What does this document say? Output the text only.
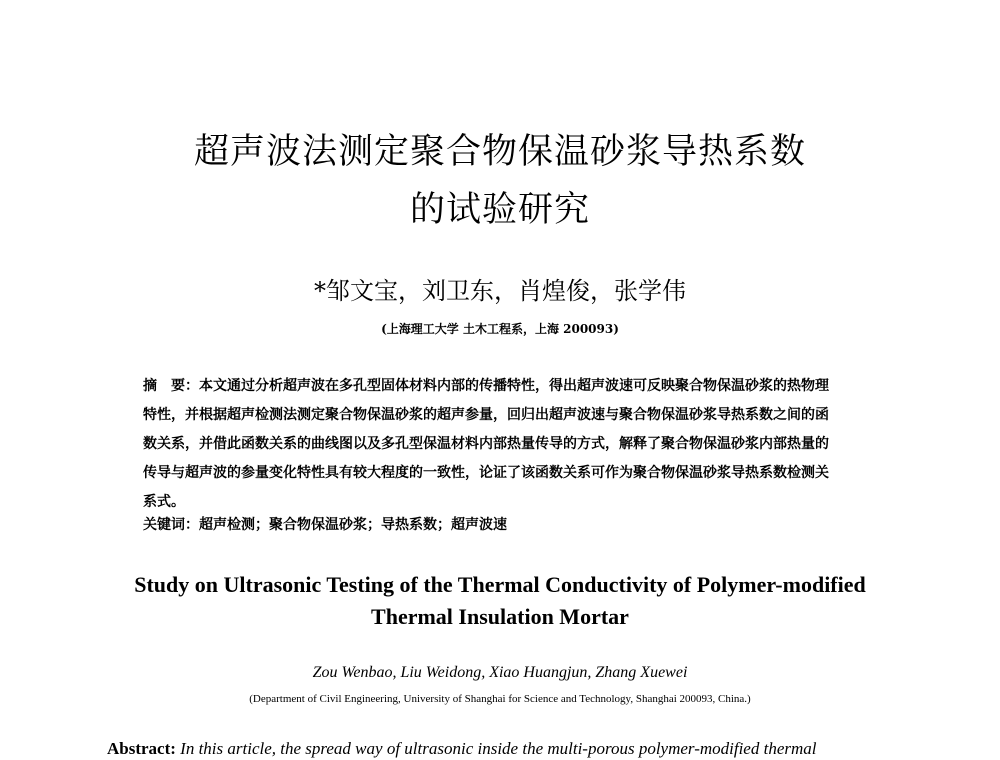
超声波法测定聚合物保温砂浆导热系数
的试验研究
*邹文宝，刘卫东，肖煌俊，张学伟
(上海理工大学 土木工程系，上海 200093)
摘　要：本文通过分析超声波在多孔型固体材料内部的传播特性，得出超声波速可反映聚合物保温砂浆的热物理
特性，并根据超声检测法测定聚合物保温砂浆的超声参量，回归出超声波速与聚合物保温砂浆导热系数之间的函
数关系，并借此函数关系的曲线图以及多孔型保温材料内部热量传导的方式，解释了聚合物保温砂浆内部热量的
传导与超声波的参量变化特性具有较大程度的一致性，论证了该函数关系可作为聚合物保温砂浆导热系数检测关
系式。
关键词：超声检测；聚合物保温砂浆；导热系数；超声波速
Study on Ultrasonic Testing of the Thermal Conductivity of Polymer-modified
Thermal Insulation Mortar
Zou Wenbao, Liu Weidong, Xiao Huangjun, Zhang Xuewei
(Department of Civil Engineering, University of Shanghai for Science and Technology, Shanghai 200093, China.)
Abstract: In this article, the spread way of ultrasonic inside the multi-porous polymer-modified thermal
